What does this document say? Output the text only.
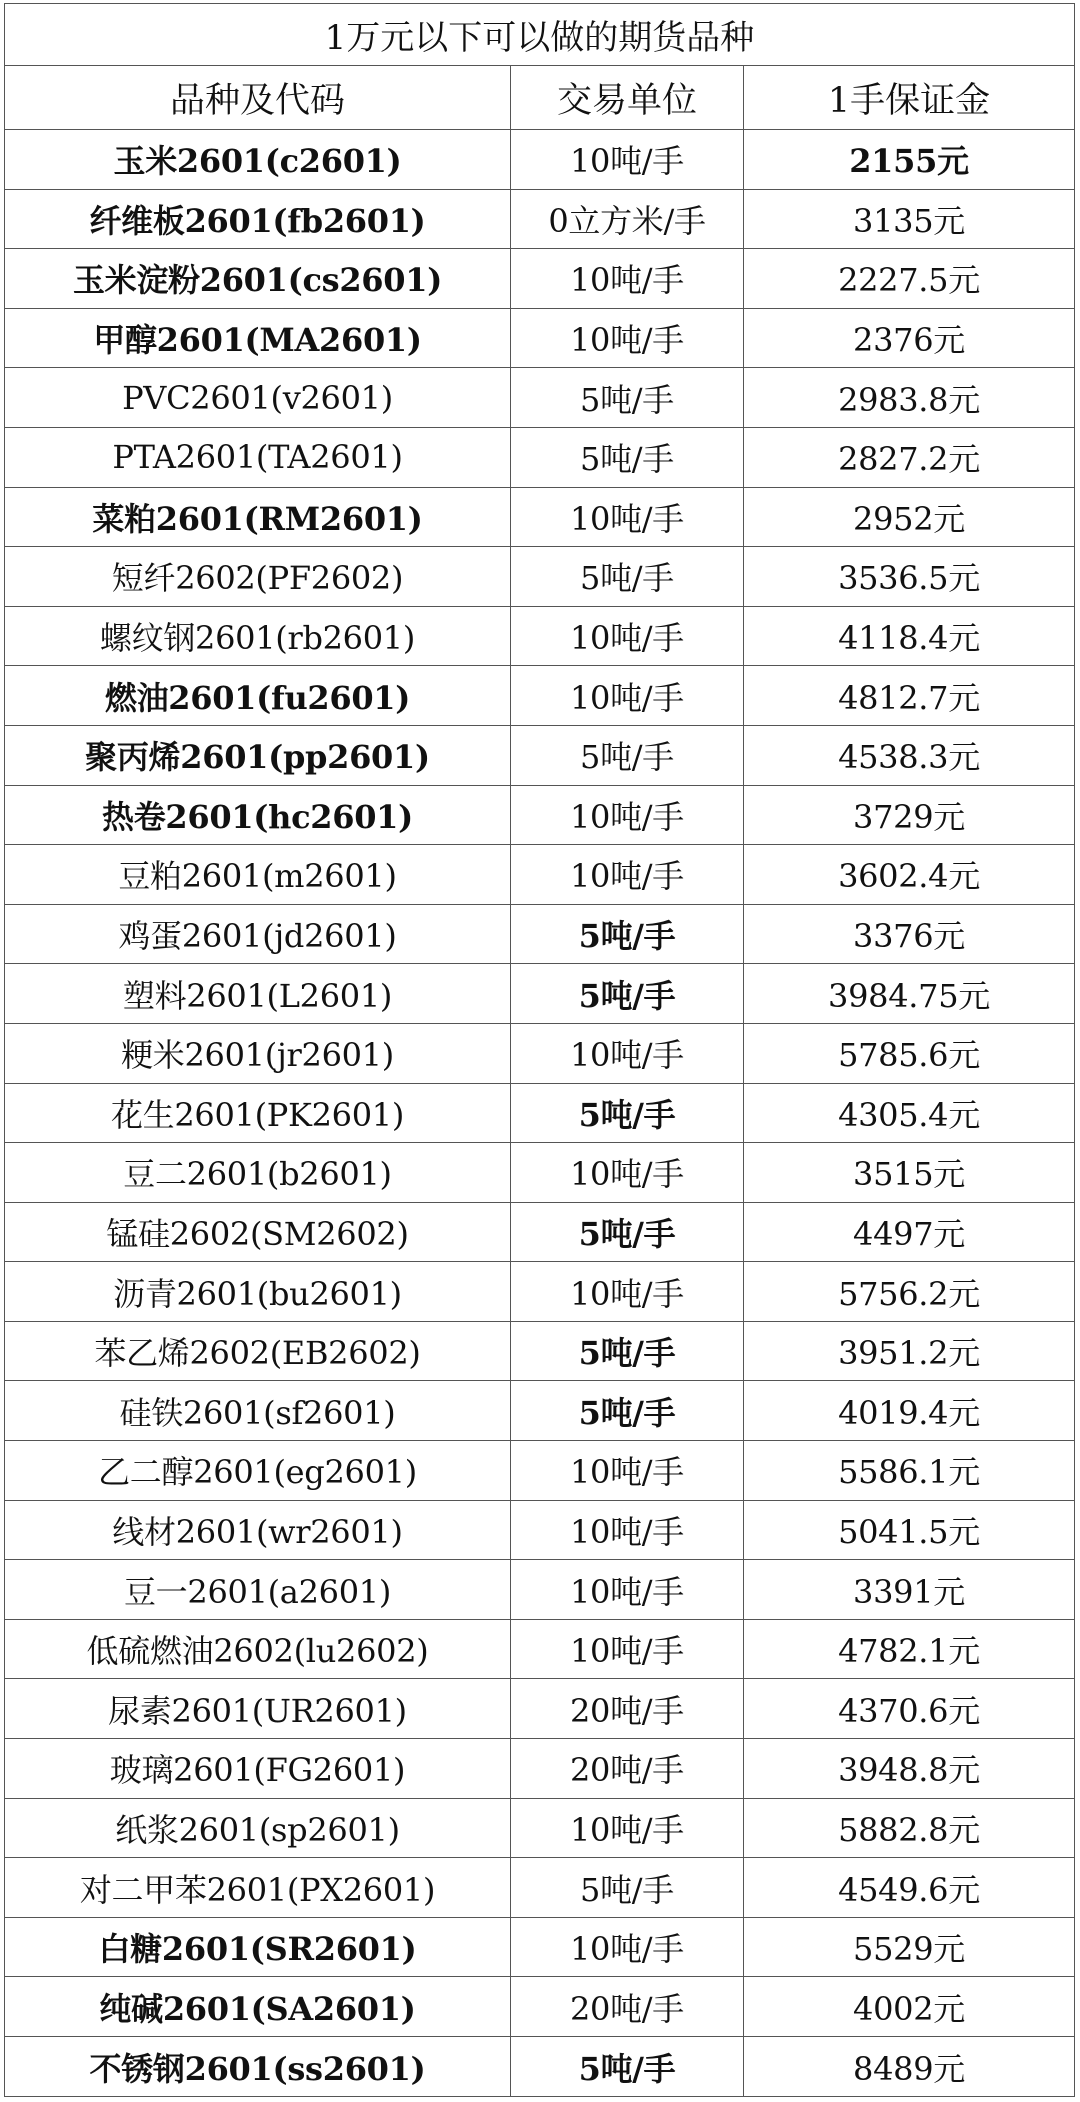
1万元以下可以做的期货品种		
品种及代码	交易单位	1手保证金
玉米2601(c2601)	10吨/手	2155元
纤维板2601(fb2601)	0立方米/手	3135元
玉米淀粉2601(cs2601)	10吨/手	2227.5元
甲醇2601(MA2601)	10吨/手	2376元
PVC2601(v2601)	5吨/手	2983.8元
PTA2601(TA2601)	5吨/手	2827.2元
菜粕2601(RM2601)	10吨/手	2952元
短纤2602(PF2602)	5吨/手	3536.5元
螺纹钢2601(rb2601)	10吨/手	4118.4元
燃油2601(fu2601)	10吨/手	4812.7元
聚丙烯2601(pp2601)	5吨/手	4538.3元
热卷2601(hc2601)	10吨/手	3729元
豆粕2601(m2601)	10吨/手	3602.4元
鸡蛋2601(jd2601)	5吨/手	3376元
塑料2601(L2601)	5吨/手	3984.75元
粳米2601(jr2601)	10吨/手	5785.6元
花生2601(PK2601)	5吨/手	4305.4元
豆二2601(b2601)	10吨/手	3515元
锰硅2602(SM2602)	5吨/手	4497元
沥青2601(bu2601)	10吨/手	5756.2元
苯乙烯2602(EB2602)	5吨/手	3951.2元
硅铁2601(sf2601)	5吨/手	4019.4元
乙二醇2601(eg2601)	10吨/手	5586.1元
线材2601(wr2601)	10吨/手	5041.5元
豆一2601(a2601)	10吨/手	3391元
低硫燃油2602(lu2602)	10吨/手	4782.1元
尿素2601(UR2601)	20吨/手	4370.6元
玻璃2601(FG2601)	20吨/手	3948.8元
纸浆2601(sp2601)	10吨/手	5882.8元
对二甲苯2601(PX2601)	5吨/手	4549.6元
白糖2601(SR2601)	10吨/手	5529元
纯碱2601(SA2601)	20吨/手	4002元
不锈钢2601(ss2601)	5吨/手	8489元
